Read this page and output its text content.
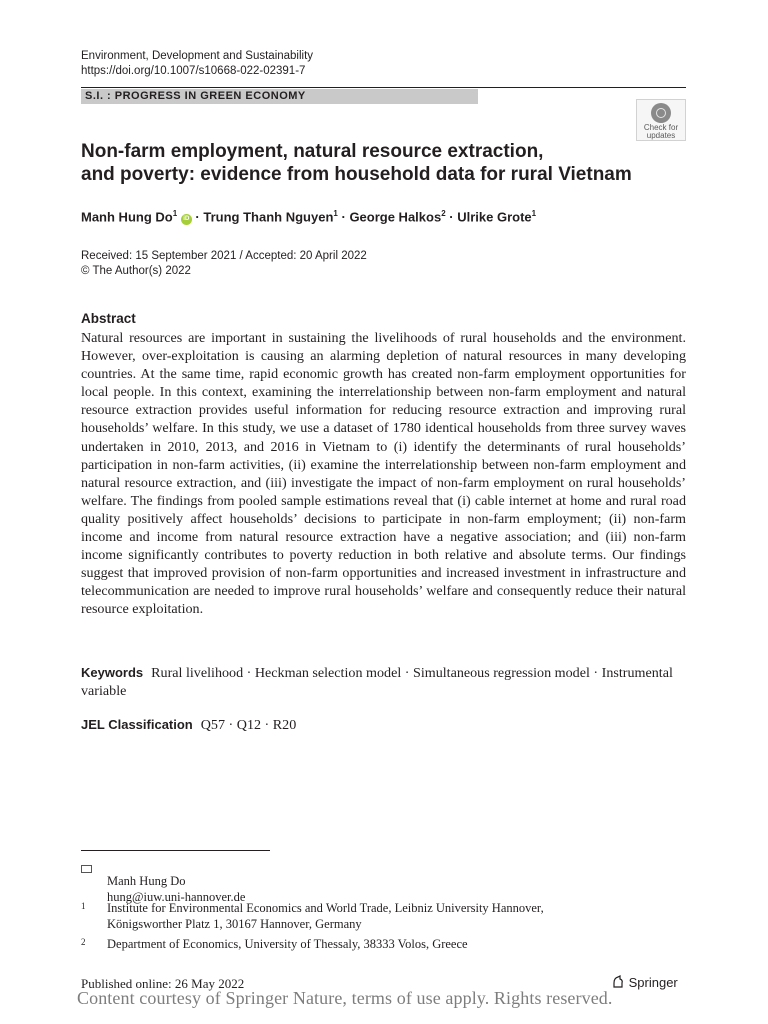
Environment, Development and Sustainability
https://doi.org/10.1007/s10668-022-02391-7
S.I. : PROGRESS IN GREEN ECONOMY
Check for
updates
Non-farm employment, natural resource extraction,
and poverty: evidence from household data for rural Vietnam
Manh Hung Do$^1$ iD · Trung Thanh Nguyen$^1$ · George Halkos$^2$ · Ulrike Grote$^1$
Received: 15 September 2021 / Accepted: 20 April 2022
© The Author(s) 2022
Abstract
Natural resources are important in sustaining the livelihoods of rural households and the environment. However, over-exploitation is causing an alarming depletion of natural resources in many developing countries. At the same time, rapid economic growth has created non-farm employment opportunities for local people. In this context, examining the interrelationship between non-farm employment and natural resource extraction provides useful information for reducing resource extraction and improving rural households’ welfare. In this study, we use a dataset of 1780 identical households from three survey waves undertaken in 2010, 2013, and 2016 in Vietnam to (i) identify the determinants of rural households’ participation in non-farm activities, (ii) examine the interrelationship between non-farm employment and natural resource extraction, and (iii) investigate the impact of non-farm employment on rural households’ welfare. The findings from pooled sample estimations reveal that (i) cable internet at home and rural road quality positively affect households’ decisions to participate in non-farm employment; (ii) non-farm income and income from natural resource extraction have a negative association; and (iii) non-farm income significantly contributes to poverty reduction in both relative and absolute terms. Our findings suggest that improved provision of non-farm opportunities and increased investment in infrastructure and telecommunication are needed to improve rural households’ welfare and consequently reduce their natural resource exploitation.
Keywords Rural livelihood · Heckman selection model · Simultaneous regression model · Instrumental variable
JEL Classification Q57 · Q12 · R20
Manh Hung Do
hung@iuw.uni-hannover.de
1	Institute for Environmental Economics and World Trade, Leibniz University Hannover,
Königsworther Platz 1, 30167 Hannover, Germany
2	Department of Economics, University of Thessaly, 38333 Volos, Greece
Published online: 26 May 2022	Springer
Content courtesy of Springer Nature, terms of use apply. Rights reserved.
